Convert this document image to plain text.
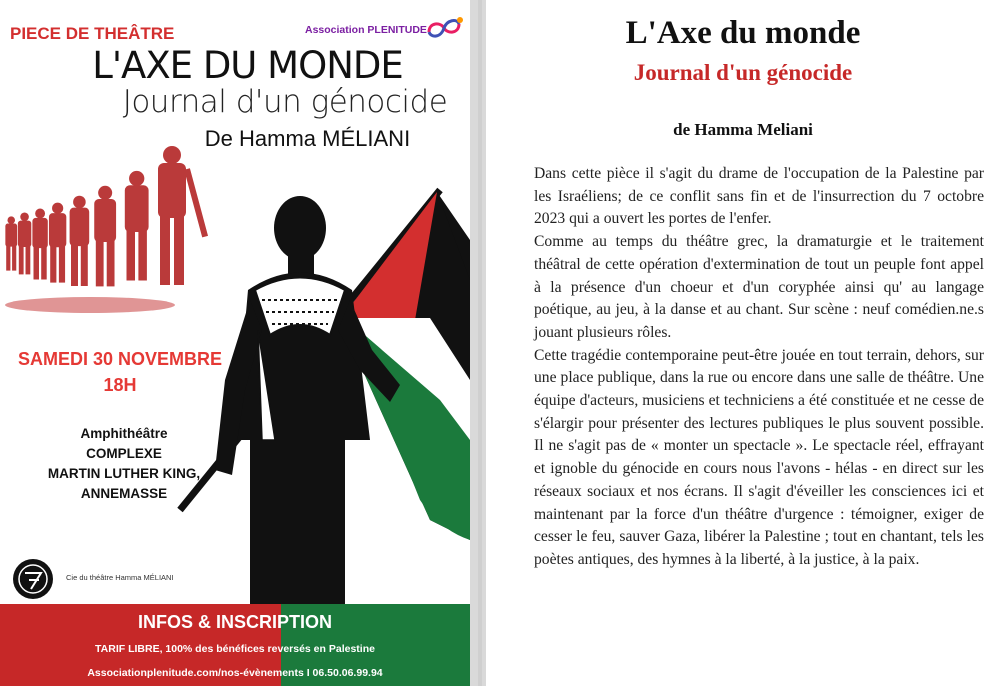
PIECE DE THEÂTRE	Association PLENITUDE
L'AXE DU MONDE
Journal d'un génocide
De Hamma MÉLIANI
SAMEDI 30 NOVEMBRE
18H
Amphithéâtre
COMPLEXE
MARTIN LUTHER KING,
ANNEMASSE
Cie du théâtre Hamma MÉLIANI
INFOS & INSCRIPTION
TARIF LIBRE, 100% des bénéfices reversés en Palestine
Associationplenitude.com/nos-évènements I 06.50.06.99.94
L'Axe du monde
Journal d'un génocide
de Hamma Meliani

Dans cette pièce il s'agit du drame de l'occupation de la Palestine par les Israéliens; de ce conflit sans fin et de l'insurrection du 7 octobre 2023 qui a ouvert les portes de l'enfer.

Comme au temps du théâtre grec, la dramaturgie et le traitement théâtral de cette opération d'extermination de tout un peuple font appel à la présence d'un choeur et d'un coryphée ainsi qu' au langage poétique, au jeu, à la danse et au chant. Sur scène : neuf comédien.ne.s jouant plusieurs rôles.

Cette tragédie contemporaine peut-être jouée en tout terrain, dehors, sur une place publique, dans la rue ou encore dans une salle de théâtre. Une équipe d'acteurs, musiciens et techniciens a été constituée et ne cesse de s'élargir pour présenter des lectures publiques le plus souvent possible. Il ne s'agit pas de « monter un spectacle ». Le spectacle réel, effrayant et ignoble du génocide en cours nous l'avons - hélas - en direct sur les réseaux sociaux et nos écrans. Il s'agit d'éveiller les consciences ici et maintenant par la force d'un théâtre d'urgence : témoigner, exiger de cesser le feu, sauver Gaza, libérer la Palestine ; tout en chantant, tels les poètes antiques, des hymnes à la liberté, à la justice, à la paix.
